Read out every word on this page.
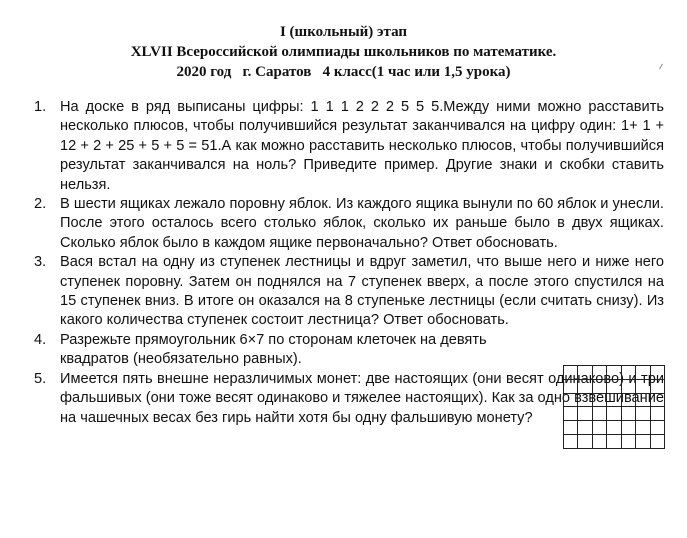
I (школьный) этап
XLVII Всероссийской олимпиады школьников по математике.
2020 год   г. Саратов   4 класс(1 час или 1,5 урока)
1. На доске в ряд выписаны цифры: 1 1 1 2 2 2 5 5 5.Между ними можно расставить несколько плюсов, чтобы получившийся результат заканчивался на цифру один: 1+ 1 + 12 + 2 + 25 + 5 + 5 = 51.А как можно расставить несколько плюсов, чтобы получившийся результат заканчивался на ноль? Приведите пример. Другие знаки и скобки ставить нельзя.
2. В шести ящиках лежало поровну яблок. Из каждого ящика вынули по 60 яблок и унесли. После этого осталось всего столько яблок, сколько их раньше было в двух ящиках. Сколько яблок было в каждом ящике первоначально? Ответ обосновать.
3. Вася встал на одну из ступенек лестницы и вдруг заметил, что выше него и ниже него ступенек поровну. Затем он поднялся на 7 ступенек вверх, а после этого спустился на 15 ступенек вниз. В итоге он оказался на 8 ступеньке лестницы (если считать снизу). Из какого количества ступенек состоит лестница? Ответ обосновать.
4. Разрежьте прямоугольник 6×7 по сторонам клеточек на девять квадратов (необязательно равных).
5. Имеется пять внешне неразличимых монет: две настоящих (они весят одинаково) и три фальшивых (они тоже весят одинаково и тяжелее настоящих). Как за одно взвешивание на чашечных весах без гирь найти хотя бы одну фальшивую монету?
